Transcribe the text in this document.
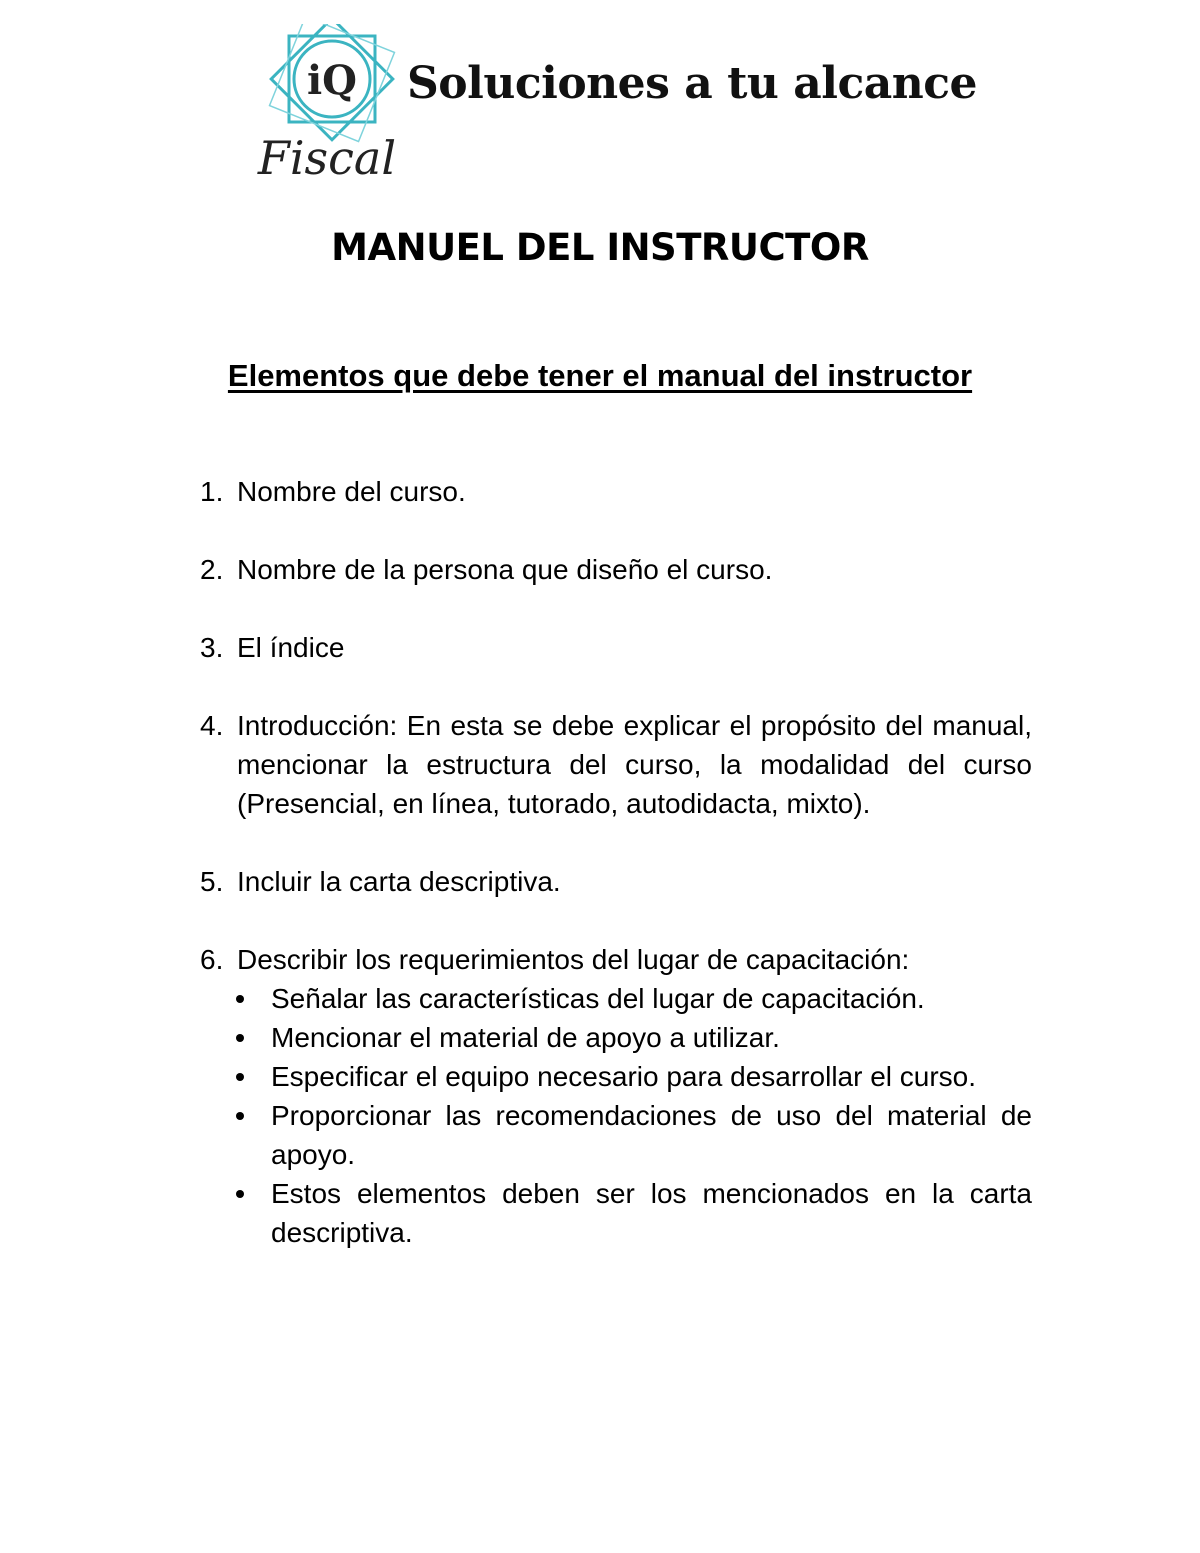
iQ
Fiscal
Soluciones a tu alcance
MANUEL DEL INSTRUCTOR
Elementos que debe tener el manual del instructor
1. Nombre del curso.
2. Nombre de la persona que diseño el curso.
3. El índice
4. Introducción: En esta se debe explicar el propósito del manual, mencionar la estructura del curso, la modalidad del curso (Presencial, en línea, tutorado, autodidacta, mixto).
5. Incluir la carta descriptiva.
6. Describir los requerimientos del lugar de capacitación:
Señalar las características del lugar de capacitación.
Mencionar el material de apoyo a utilizar.
Especificar el equipo necesario para desarrollar el curso.
Proporcionar las recomendaciones de uso del material de apoyo.
Estos elementos deben ser los mencionados en la carta descriptiva.
